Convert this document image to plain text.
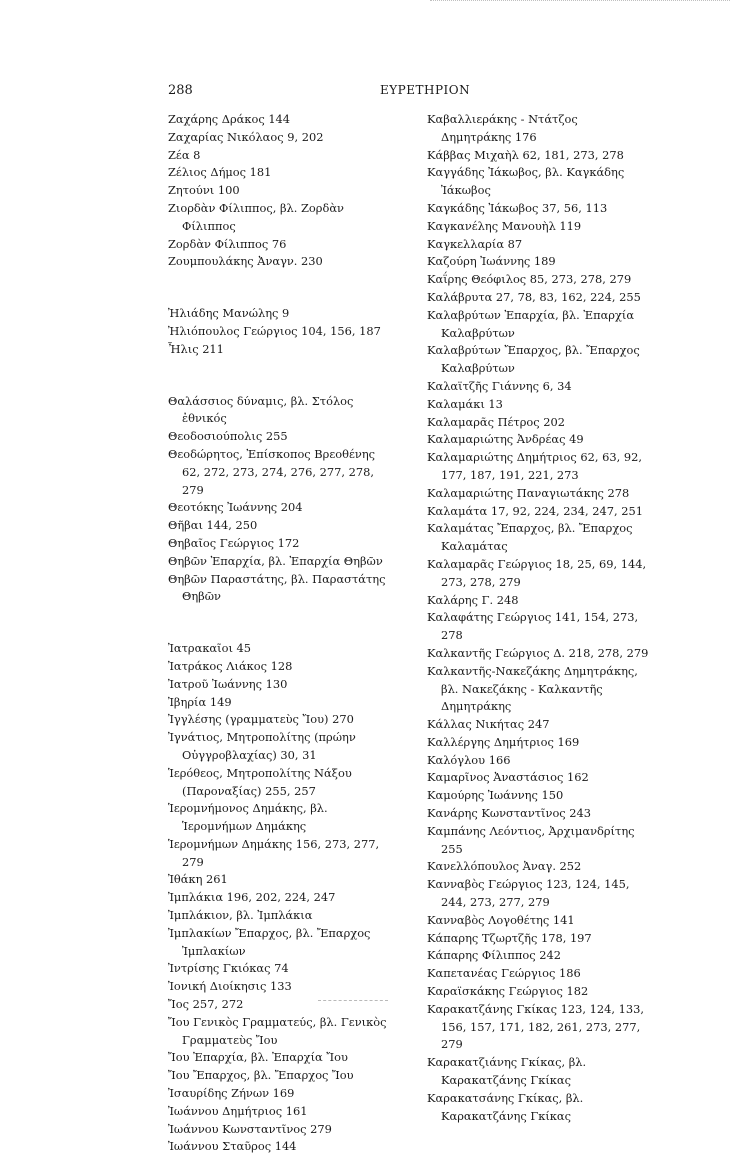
288	ΕΥΡΕΤΗΡΙΟΝ
Ζαχάρης Δράκος 144
Ζαχαρίας Νικόλαος 9, 202
Ζέα 8
Ζέλιος Δήμος 181
Ζητούνι 100
Ζιορδὰν Φίλιππος, βλ. Ζορδὰν Φίλιππος
Ζορδὰν Φίλιππος 76
Ζουμπουλάκης Ἀναγν. 230
Ἠλιάδης Μανώλης 9
Ἠλιόπουλος Γεώργιος 104, 156, 187
Ἦλις 211
Θαλάσσιος δύναμις, βλ. Στόλος ἐθνικός
Θεοδοσιούπολις 255
Θεοδώρητος, Ἐπίσκοπος Βρεοθένης 62, 272, 273, 274, 276, 277, 278, 279
Θεοτόκης Ἰωάννης 204
Θῆβαι 144, 250
Θηβαῖος Γεώργιος 172
Θηβῶν Ἐπαρχία, βλ. Ἐπαρχία Θηβῶν
Θηβῶν Παραστάτης, βλ. Παραστάτης Θηβῶν
Ἰατρακαῖοι 45
Ἰατράκος Λιάκος 128
Ἰατροῦ Ἰωάννης 130
Ἰβηρία 149
Ἰγγλέσης (γραμματεὺς Ἴου) 270
Ἰγνάτιος, Μητροπολίτης (πρώην Οὐγγροβλαχίας) 30, 31
Ἱερόθεος, Μητροπολίτης Νάξου (Παροναξίας) 255, 257
Ἱερομνήμονος Δημάκης, βλ. Ἱερομνήμων Δημάκης
Ἱερομνήμων Δημάκης 156, 273, 277, 279
Ἰθάκη 261
Ἰμπλάκια 196, 202, 224, 247
Ἰμπλάκιον, βλ. Ἰμπλάκια
Ἰμπλακίων Ἔπαρχος, βλ. Ἔπαρχος Ἰμπλακίων
Ἰντρίσης Γκιόκας 74
Ἰονική Διοίκησις 133
Ἴος 257, 272
Ἴου Γενικὸς Γραμματεύς, βλ. Γενικὸς Γραμματεὺς Ἴου
Ἴου Ἐπαρχία, βλ. Ἐπαρχία Ἴου
Ἴου Ἔπαρχος, βλ. Ἔπαρχος Ἴου
Ἰσαυρίδης Ζήνων 169
Ἰωάννου Δημήτριος 161
Ἰωάννου Κωνσταντῖνος 279
Ἰωάννου Σταῦρος 144
Καβαλλιεράκης - Ντάτζος Δημητράκης 176
Κάββας Μιχαὴλ 62, 181, 273, 278
Καγγάδης Ἰάκωβος, βλ. Καγκάδης Ἰάκωβος
Καγκάδης Ἰάκωβος 37, 56, 113
Καγκανέλης Μανουὴλ 119
Καγκελλαρία 87
Καζούρη Ἰωάννης 189
Καΐρης Θεόφιλος 85, 273, 278, 279
Καλάβρυτα 27, 78, 83, 162, 224, 255
Καλαβρύτων Ἐπαρχία, βλ. Ἐπαρχία Καλαβρύτων
Καλαβρύτων Ἔπαρχος, βλ. Ἔπαρχος Καλαβρύτων
Καλαϊτζῆς Γιάννης 6, 34
Καλαμάκι 13
Καλαμαρᾶς Πέτρος 202
Καλαμαριώτης Ἀνδρέας 49
Καλαμαριώτης Δημήτριος 62, 63, 92, 177, 187, 191, 221, 273
Καλαμαριώτης Παναγιωτάκης 278
Καλαμάτα 17, 92, 224, 234, 247, 251
Καλαμάτας Ἔπαρχος, βλ. Ἔπαρχος Καλαμάτας
Καλαμαρᾶς Γεώργιος 18, 25, 69, 144, 273, 278, 279
Καλάρης Γ. 248
Καλαφάτης Γεώργιος 141, 154, 273, 278
Καλκαντῆς Γεώργιος Δ. 218, 278, 279
Καλκαντῆς-Νακεζάκης Δημητράκης, βλ. Νακεζάκης - Καλκαντῆς Δημητράκης
Κάλλας Νικήτας 247
Καλλέργης Δημήτριος 169
Καλόγλου 166
Καμαρῖνος Ἀναστάσιος 162
Καμούρης Ἰωάννης 150
Κανάρης Κωνσταντῖνος 243
Καμπάνης Λεόντιος, Ἀρχιμανδρίτης 255
Κανελλόπουλος Ἀναγ. 252
Κανναβὸς Γεώργιος 123, 124, 145, 244, 273, 277, 279
Κανναβὸς Λογοθέτης 141
Κάπαρης Τζωρτζῆς 178, 197
Κάπαρης Φίλιππος 242
Καπετανέας Γεώργιος 186
Καραϊσκάκης Γεώργιος 182
Καρακατζάνης Γκίκας 123, 124, 133, 156, 157, 171, 182, 261, 273, 277, 279
Καρακατζιάνης Γκίκας, βλ. Καρακατζάνης Γκίκας
Καρακατσάνης Γκίκας, βλ. Καρακατζάνης Γκίκας
